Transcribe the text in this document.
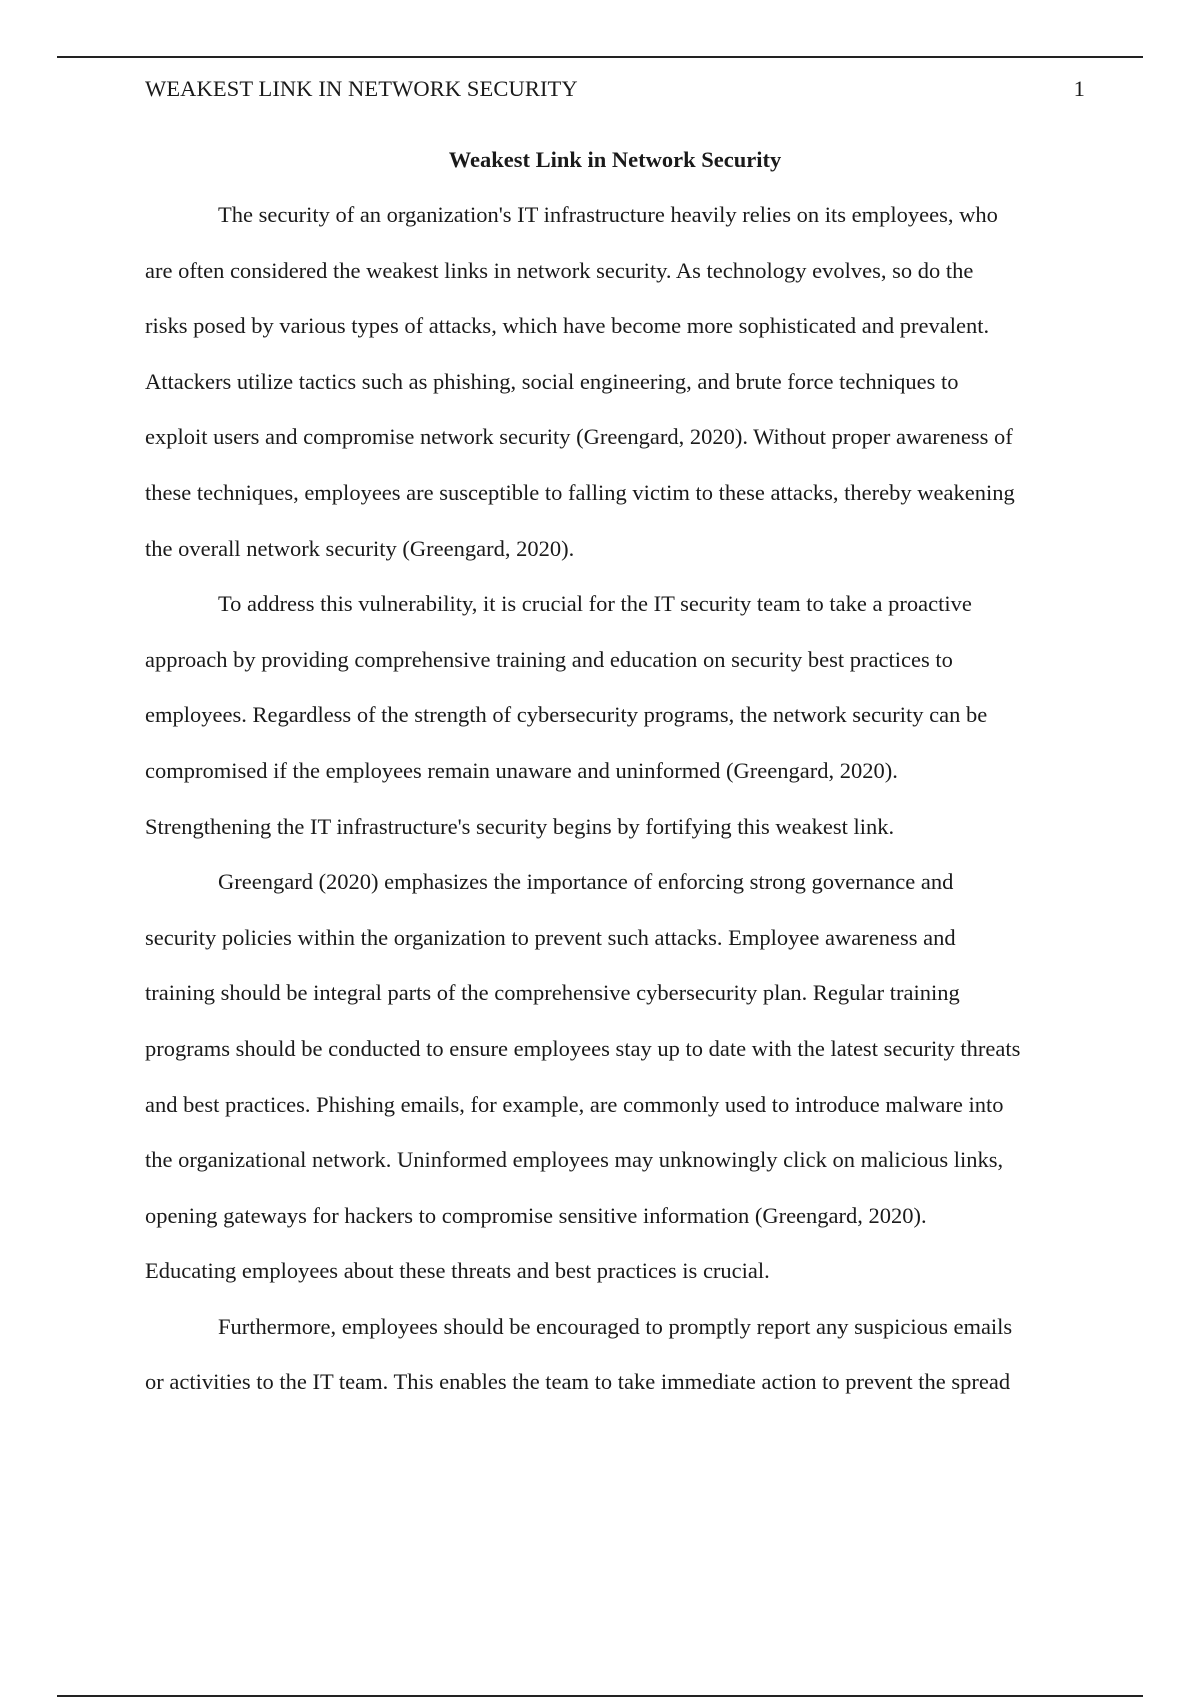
WEAKEST LINK IN NETWORK SECURITY	1
Weakest Link in Network Security
The security of an organization's IT infrastructure heavily relies on its employees, who
are often considered the weakest links in network security. As technology evolves, so do the
risks posed by various types of attacks, which have become more sophisticated and prevalent.
Attackers utilize tactics such as phishing, social engineering, and brute force techniques to
exploit users and compromise network security (Greengard, 2020). Without proper awareness of
these techniques, employees are susceptible to falling victim to these attacks, thereby weakening
the overall network security (Greengard, 2020).
To address this vulnerability, it is crucial for the IT security team to take a proactive
approach by providing comprehensive training and education on security best practices to
employees. Regardless of the strength of cybersecurity programs, the network security can be
compromised if the employees remain unaware and uninformed (Greengard, 2020).
Strengthening the IT infrastructure's security begins by fortifying this weakest link.
Greengard (2020) emphasizes the importance of enforcing strong governance and
security policies within the organization to prevent such attacks. Employee awareness and
training should be integral parts of the comprehensive cybersecurity plan. Regular training
programs should be conducted to ensure employees stay up to date with the latest security threats
and best practices. Phishing emails, for example, are commonly used to introduce malware into
the organizational network. Uninformed employees may unknowingly click on malicious links,
opening gateways for hackers to compromise sensitive information (Greengard, 2020).
Educating employees about these threats and best practices is crucial.
Furthermore, employees should be encouraged to promptly report any suspicious emails
or activities to the IT team. This enables the team to take immediate action to prevent the spread
